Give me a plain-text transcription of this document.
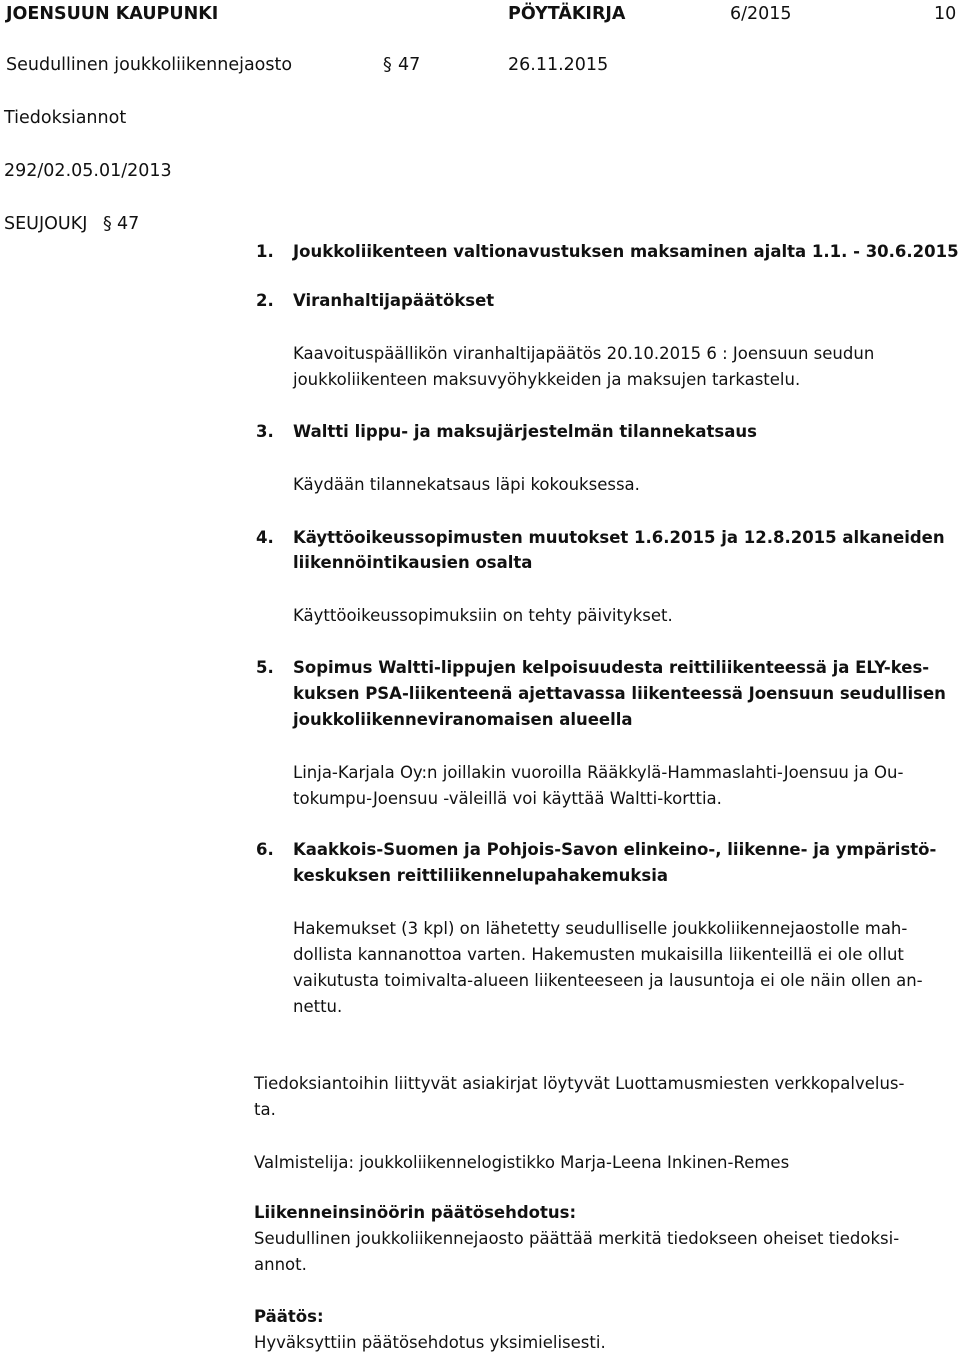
JOENSUUN KAUPUNKI	PÖYTÄKIRJA	6/2015	10
Seudullinen joukkoliikennejaosto	§ 47	26.11.2015
Tiedoksiannot
292/02.05.01/2013
SEUJOUKJ § 47
1. Joukkoliikenteen valtionavustuksen maksaminen ajalta 1.1. - 30.6.2015
2. Viranhaltijapäätökset
Kaavoituspäällikön viranhaltijapäätös 20.10.2015 6 : Joensuun seudun
joukkoliikenteen maksuvyöhykkeiden ja maksujen tarkastelu.
3. Waltti lippu- ja maksujärjestelmän tilannekatsaus
Käydään tilannekatsaus läpi kokouksessa.
4. Käyttöoikeussopimusten muutokset 1.6.2015 ja 12.8.2015 alkaneiden
liikennöintikausien osalta
Käyttöoikeussopimuksiin on tehty päivitykset.
5. Sopimus Waltti-lippujen kelpoisuudesta reittiliikenteessä ja ELY-kes-
kuksen PSA-liikenteenä ajettavassa liikenteessä Joensuun seudullisen
joukkoliikenneviranomaisen alueella
Linja-Karjala Oy:n joillakin vuoroilla Rääkkylä-Hammaslahti-Joensuu ja Ou-
tokumpu-Joensuu -väleillä voi käyttää Waltti-korttia.
6. Kaakkois-Suomen ja Pohjois-Savon elinkeino-, liikenne- ja ympäristö-
keskuksen reittiliikennelupahakemuksia
Hakemukset (3 kpl) on lähetetty seudulliselle joukkoliikennejaostolle mah-
dollista kannanottoa varten. Hakemusten mukaisilla liikenteillä ei ole ollut
vaikutusta toimivalta-alueen liikenteeseen ja lausuntoja ei ole näin ollen an-
nettu.
Tiedoksiantoihin liittyvät asiakirjat löytyvät Luottamusmiesten verkkopalvelus-
ta.
Valmistelija: joukkoliikennelogistikko Marja-Leena Inkinen-Remes
Liikenneinsinöörin päätösehdotus:
Seudullinen joukkoliikennejaosto päättää merkitä tiedokseen oheiset tiedoksi-
annot.
Päätös:
Hyväksyttiin päätösehdotus yksimielisesti.
